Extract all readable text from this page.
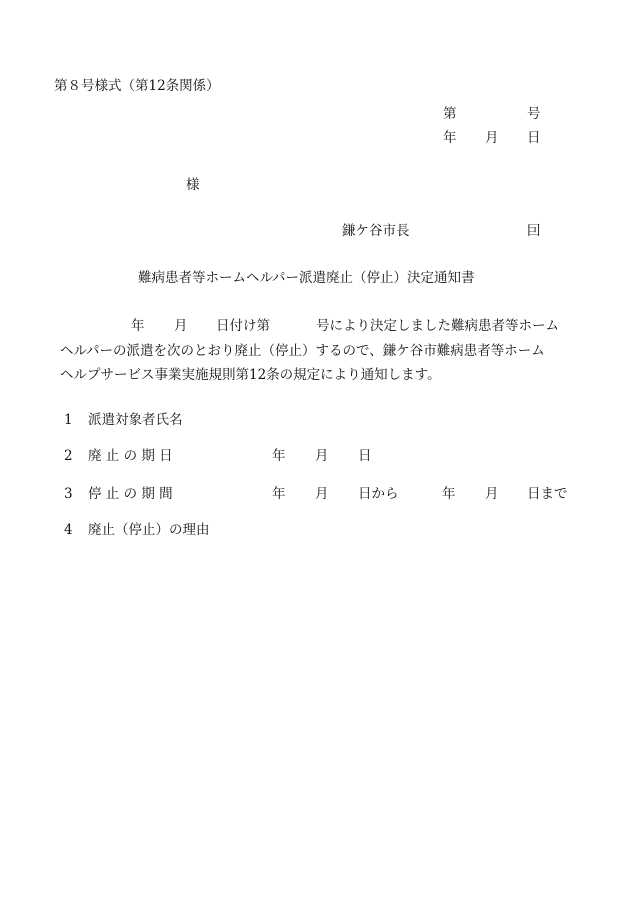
第８号様式（第12条関係）
第	号
年 月 日
様
鎌ケ谷市長	囙
難病患者等ホームヘルパー派遣廃止（停止）決定通知書
年 月 日付け第	号により決定しました難病患者等ホーム
ヘルパーの派遣を次のとおり廃止（停止）するので、鎌ケ谷市難病患者等ホーム
ヘルプサービス事業実施規則第12条の規定により通知します。
1 派遣対象者氏名
2 廃 止 の 期 日	年 月 日
3 停 止 の 期 間	年 月 日から	年 月 日まで
4 廃止（停止）の理由
